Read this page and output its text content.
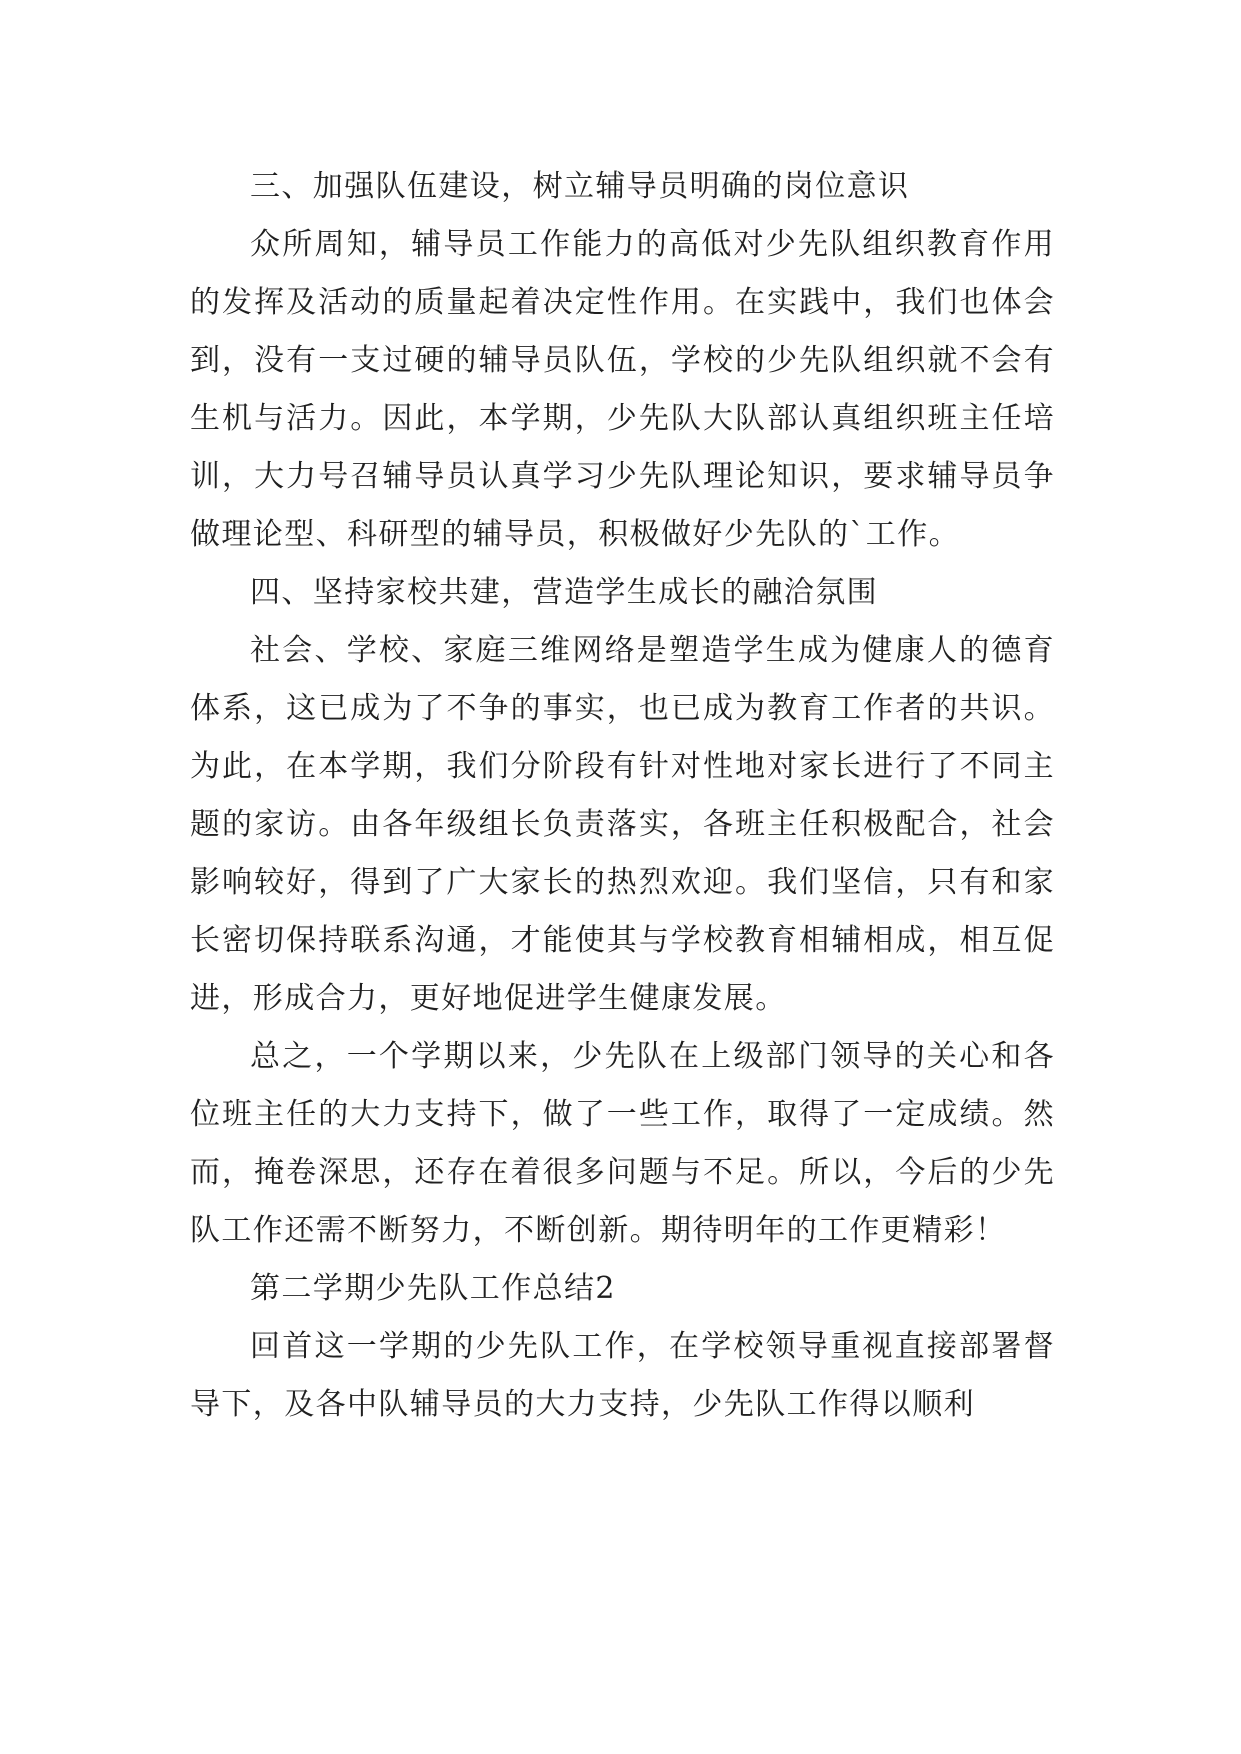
三、加强队伍建设，树立辅导员明确的岗位意识

众所周知，辅导员工作能力的高低对少先队组织教育作用的发挥及活动的质量起着决定性作用。在实践中，我们也体会到，没有一支过硬的辅导员队伍，学校的少先队组织就不会有生机与活力。因此，本学期，少先队大队部认真组织班主任培训，大力号召辅导员认真学习少先队理论知识，要求辅导员争做理论型、科研型的辅导员，积极做好少先队的`工作。

四、坚持家校共建，营造学生成长的融洽氛围

社会、学校、家庭三维网络是塑造学生成为健康人的德育体系，这已成为了不争的事实，也已成为教育工作者的共识。为此，在本学期，我们分阶段有针对性地对家长进行了不同主题的家访。由各年级组长负责落实，各班主任积极配合，社会影响较好，得到了广大家长的热烈欢迎。我们坚信，只有和家长密切保持联系沟通，才能使其与学校教育相辅相成，相互促进，形成合力，更好地促进学生健康发展。

总之，一个学期以来，少先队在上级部门领导的关心和各位班主任的大力支持下，做了一些工作，取得了一定成绩。然而，掩卷深思，还存在着很多问题与不足。所以，今后的少先队工作还需不断努力，不断创新。期待明年的工作更精彩！

第二学期少先队工作总结2

回首这一学期的少先队工作，在学校领导重视直接部署督导下，及各中队辅导员的大力支持，少先队工作得以顺利
